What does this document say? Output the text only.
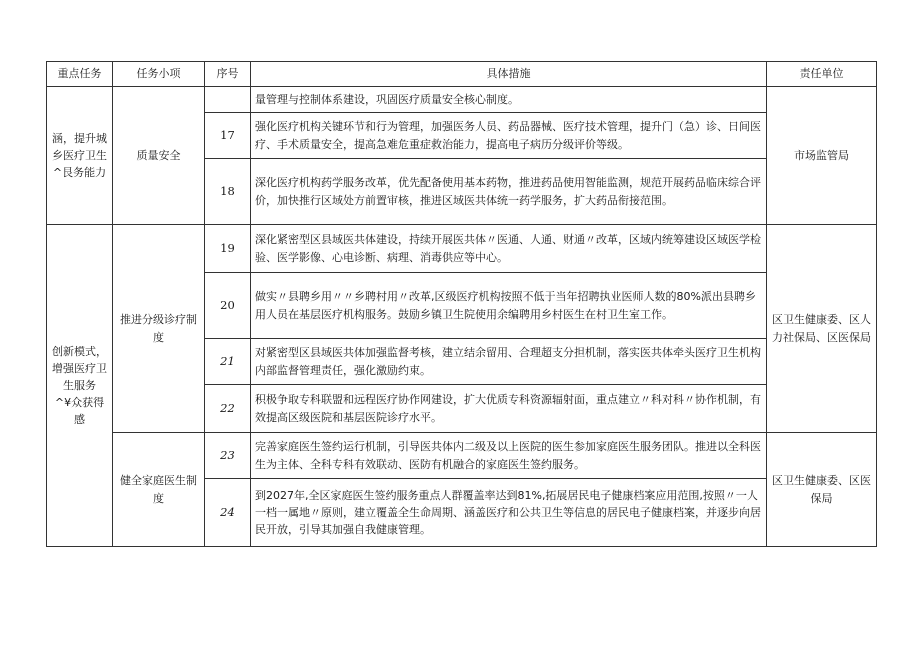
重点任务	任务小项	序号	具体措施	责任单位
涵，提升城乡医疗卫生^艮务能力	质量安全		量管理与控制体系建设，巩固医疗质量安全核心制度。	市场监管局
		17	强化医疗机构关键环节和行为管理，加强医务人员、药品器械、医疗技术管理，提升门（急）诊、日间医疗、手术质量安全，提高急难危重症救治能力，提高电子病历分级评价等级。	
		18	深化医疗机构药学服务改革，优先配备使用基本药物，推进药品使用智能监测，规范开展药品临床综合评价，加快推行区域处方前置审核，推进区域医共体统一药学服务，扩大药品衔接范围。	
创新模式，增强医疗卫生服务^¥众获得感	推进分级诊疗制度	19	深化紧密型区县域医共体建设，持续开展医共体〃医通、人通、财通〃改革，区域内统筹建设区域医学检验、医学影像、心电诊断、病理、消毒供应等中心。	区卫生健康委、区人力社保局、区医保局
		20	做实〃县聘乡用〃〃乡聘村用〃改革,区级医疗机构按照不低于当年招聘执业医师人数的80%派出县聘乡用人员在基层医疗机构服务。鼓励乡镇卫生院使用余编聘用乡村医生在村卫生室工作。	
		21	对紧密型区县域医共体加强监督考核，建立结余留用、合理超支分担机制，落实医共体牵头医疗卫生机构内部监督管理责任，强化激励约束。	
		22	积极争取专科联盟和远程医疗协作网建设，扩大优质专科资源辐射面，重点建立〃科对科〃协作机制，有效提高区级医院和基层医院诊疗水平。	
	健全家庭医生制度	23	完善家庭医生签约运行机制，引导医共体内二级及以上医院的医生参加家庭医生服务团队。推进以全科医生为主体、全科专科有效联动、医防有机融合的家庭医生签约服务。	区卫生健康委、区医保局
		24	到2027年,全区家庭医生签约服务重点人群覆盖率达到81%,拓展居民电子健康档案应用范围,按照〃一人一档一属地〃原则，建立覆盖全生命周期、涵盖医疗和公共卫生等信息的居民电子健康档案，并逐步向居民开放，引导其加强自我健康管理。	
